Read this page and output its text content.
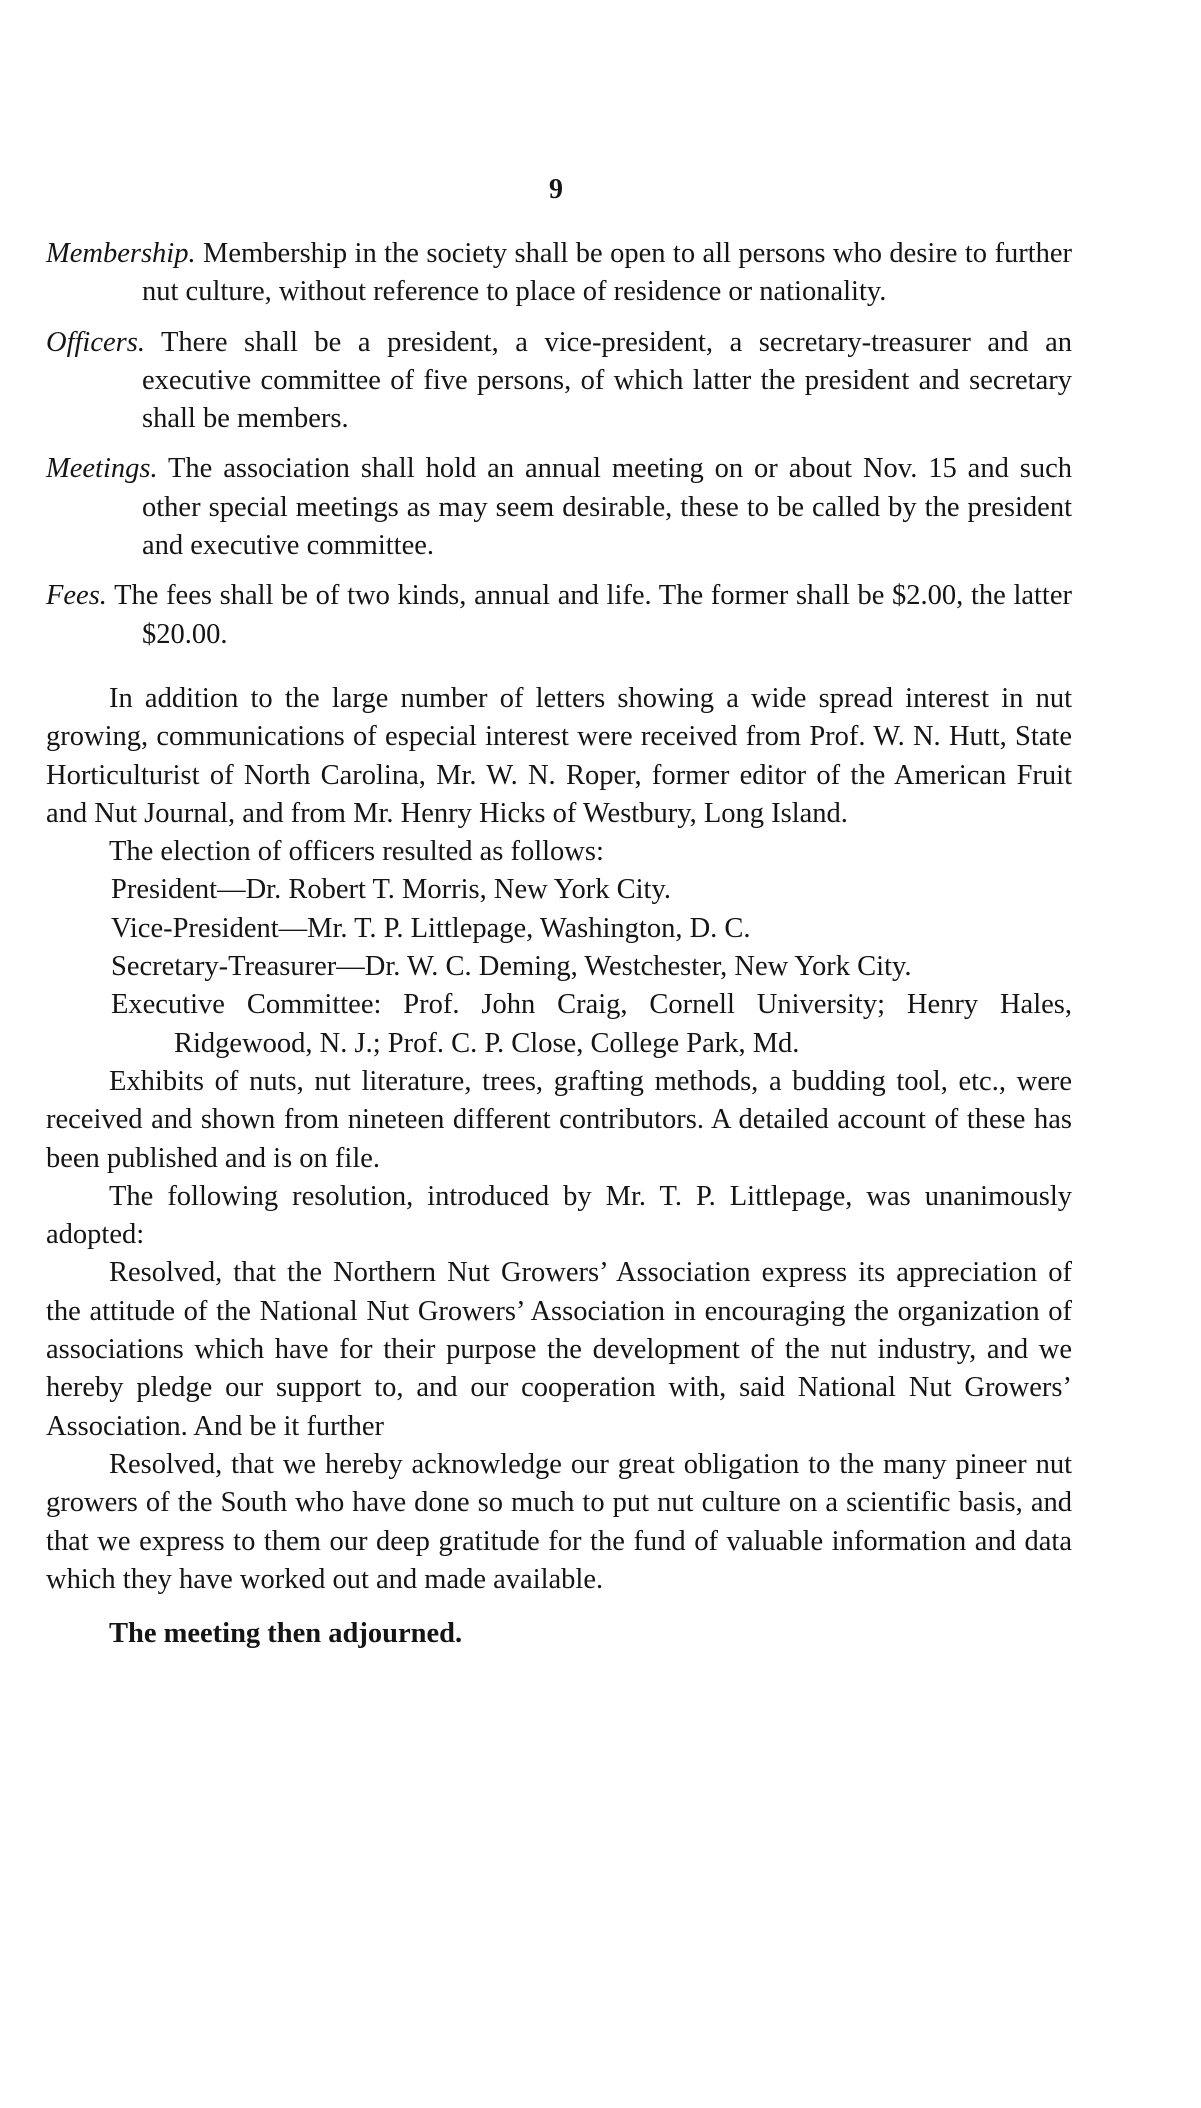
9

Membership. Membership in the society shall be open to all persons who desire to further nut culture, without reference to place of residence or nationality.

Officers. There shall be a president, a vice-president, a secretary-treasurer and an executive committee of five persons, of which latter the president and secretary shall be members.

Meetings. The association shall hold an annual meeting on or about Nov. 15 and such other special meetings as may seem desirable, these to be called by the president and executive committee.

Fees. The fees shall be of two kinds, annual and life. The former shall be $2.00, the latter $20.00.

In addition to the large number of letters showing a wide spread interest in nut growing, communications of especial interest were received from Prof. W. N. Hutt, State Horticulturist of North Carolina, Mr. W. N. Roper, former editor of the American Fruit and Nut Journal, and from Mr. Henry Hicks of Westbury, Long Island.

The election of officers resulted as follows:

President—Dr. Robert T. Morris, New York City.

Vice-President—Mr. T. P. Littlepage, Washington, D. C.

Secretary-Treasurer—Dr. W. C. Deming, Westchester, New York City.

Executive Committee: Prof. John Craig, Cornell University; Henry Hales, Ridgewood, N. J.; Prof. C. P. Close, College Park, Md.

Exhibits of nuts, nut literature, trees, grafting methods, a budding tool, etc., were received and shown from nineteen different contributors. A detailed account of these has been published and is on file.

The following resolution, introduced by Mr. T. P. Littlepage, was unanimously adopted:

Resolved, that the Northern Nut Growers’ Association express its appreciation of the attitude of the National Nut Growers’ Association in encouraging the organization of associations which have for their purpose the development of the nut industry, and we hereby pledge our support to, and our cooperation with, said National Nut Growers’ Association. And be it further

Resolved, that we hereby acknowledge our great obligation to the many pineer nut growers of the South who have done so much to put nut culture on a scientific basis, and that we express to them our deep gratitude for the fund of valuable information and data which they have worked out and made available.

The meeting then adjourned.
